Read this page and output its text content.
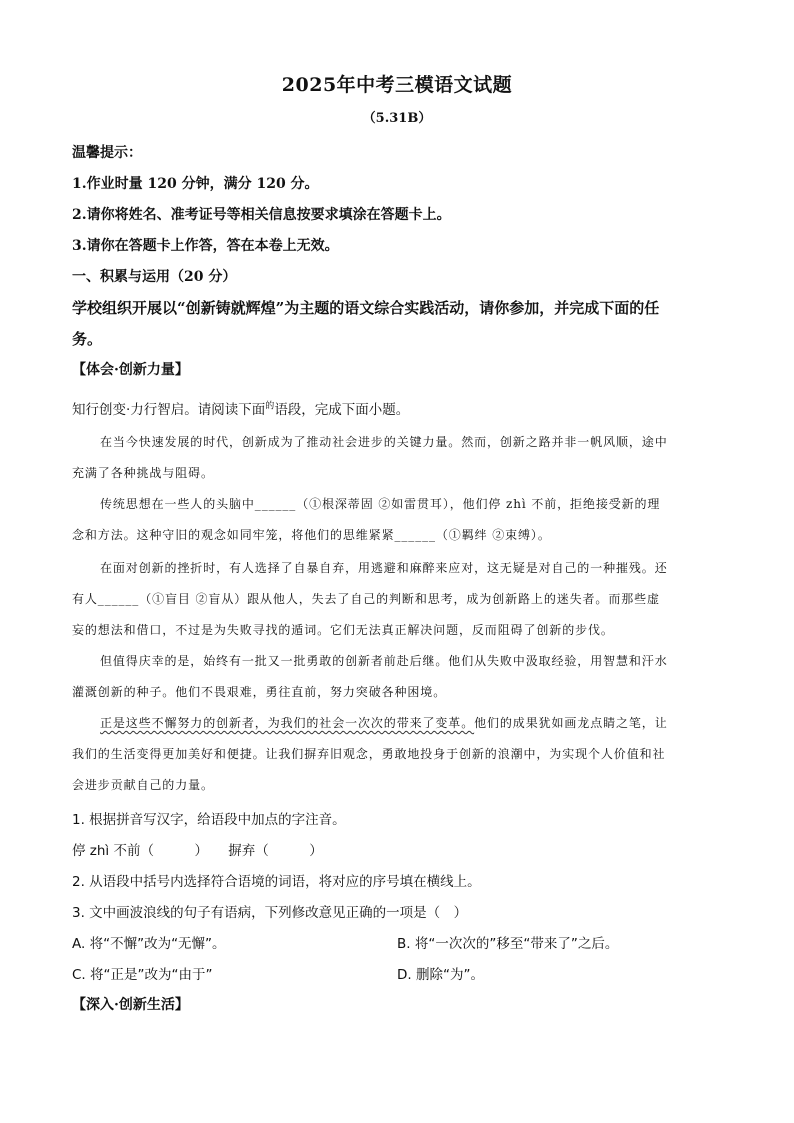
2025年中考三模语文试题
（5.31B）
温馨提示：
1.作业时量 120 分钟，满分 120 分。
2.请你将姓名、准考证号等相关信息按要求填涂在答题卡上。
3.请你在答题卡上作答，答在本卷上无效。
一、积累与运用（20 分）
学校组织开展以“创新铸就辉煌”为主题的语文综合实践活动，请你参加，并完成下面的任
务。
【体会·创新力量】
知行创变·力行智启。请阅读下面$^的$语段，完成下面小题。
在当今快速发展的时代，创新成为了推动社会进步的关键力量。然而，创新之路并非一帆风顺，途中
充满了各种挑战与阻碍。
传统思想在一些人的头脑中______（①根深蒂固 ②如雷贯耳），他们停 zhì 不前，拒绝接受新的理
念和方法。这种守旧的观念如同牢笼，将他们的思维紧紧______（①羁绊 ②束缚）。
在面对创新的挫折时，有人选择了自暴自弃，用逃避和麻醉来应对，这无疑是对自己的一种摧残。还
有人______（①盲目 ②盲从）跟从他人，失去了自己的判断和思考，成为创新路上的迷失者。而那些虚
妄的想法和借口，不过是为失败寻找的遁词。它们无法真正解决问题，反而阻碍了创新的步伐。
但值得庆幸的是，始终有一批又一批勇敢的创新者前赴后继。他们从失败中汲取经验，用智慧和汗水
灌溉创新的种子。他们不畏艰难，勇往直前，努力突破各种困境。
正是这些不懈努力的创新者，为我们的社会一次次的带来了变革。他们的成果犹如画龙点睛之笔，让
我们的生活变得更加美好和便捷。让我们摒弃旧观念，勇敢地投身于创新的浪潮中，为实现个人价值和社
会进步贡献自己的力量。
1. 根据拼音写汉字，给语段中加点的字注音。
停 zhì 不前（　　　）　　摒弃（　　　）
2. 从语段中括号内选择符合语境的词语，将对应的序号填在横线上。
3. 文中画波浪线的句子有语病，下列修改意见正确的一项是（　）
A. 将“不懈”改为“无懈”。	B. 将“一次次的”移至“带来了”之后。
C. 将“正是”改为“由于”	D. 删除“为”。
【深入·创新生活】
